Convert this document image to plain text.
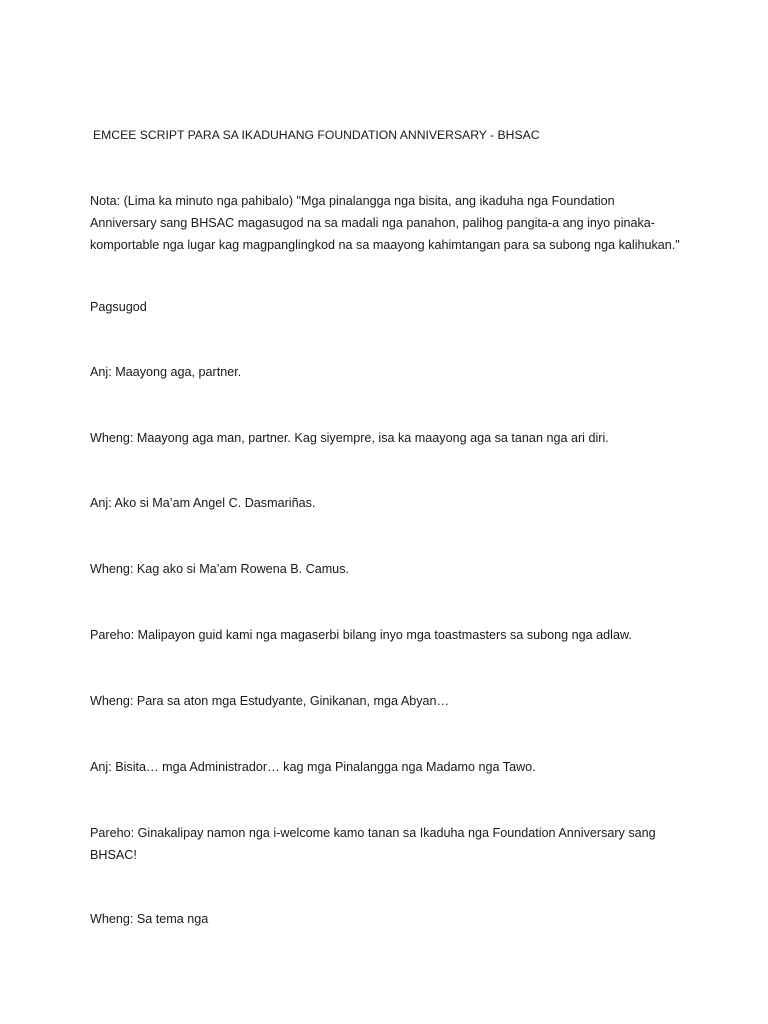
EMCEE SCRIPT PARA SA IKADUHANG FOUNDATION ANNIVERSARY - BHSAC
Nota: (Lima ka minuto nga pahibalo) "Mga pinalangga nga bisita, ang ikaduha nga Foundation
Anniversary sang BHSAC magasugod na sa madali nga panahon, palihog pangita-a ang inyo pinaka-
komportable nga lugar kag magpanglingkod na sa maayong kahimtangan para sa subong nga kalihukan."
Pagsugod
Anj: Maayong aga, partner.
Wheng: Maayong aga man, partner. Kag siyempre, isa ka maayong aga sa tanan nga ari diri.
Anj: Ako si Ma’am Angel C. Dasmariñas.
Wheng: Kag ako si Ma’am Rowena B. Camus.
Pareho: Malipayon guid kami nga magaserbi bilang inyo mga toastmasters sa subong nga adlaw.
Wheng: Para sa aton mga Estudyante, Ginikanan, mga Abyan…
Anj: Bisita… mga Administrador… kag mga Pinalangga nga Madamo nga Tawo.
Pareho: Ginakalipay namon nga i-welcome kamo tanan sa Ikaduha nga Foundation Anniversary sang
BHSAC!
Wheng: Sa tema nga
